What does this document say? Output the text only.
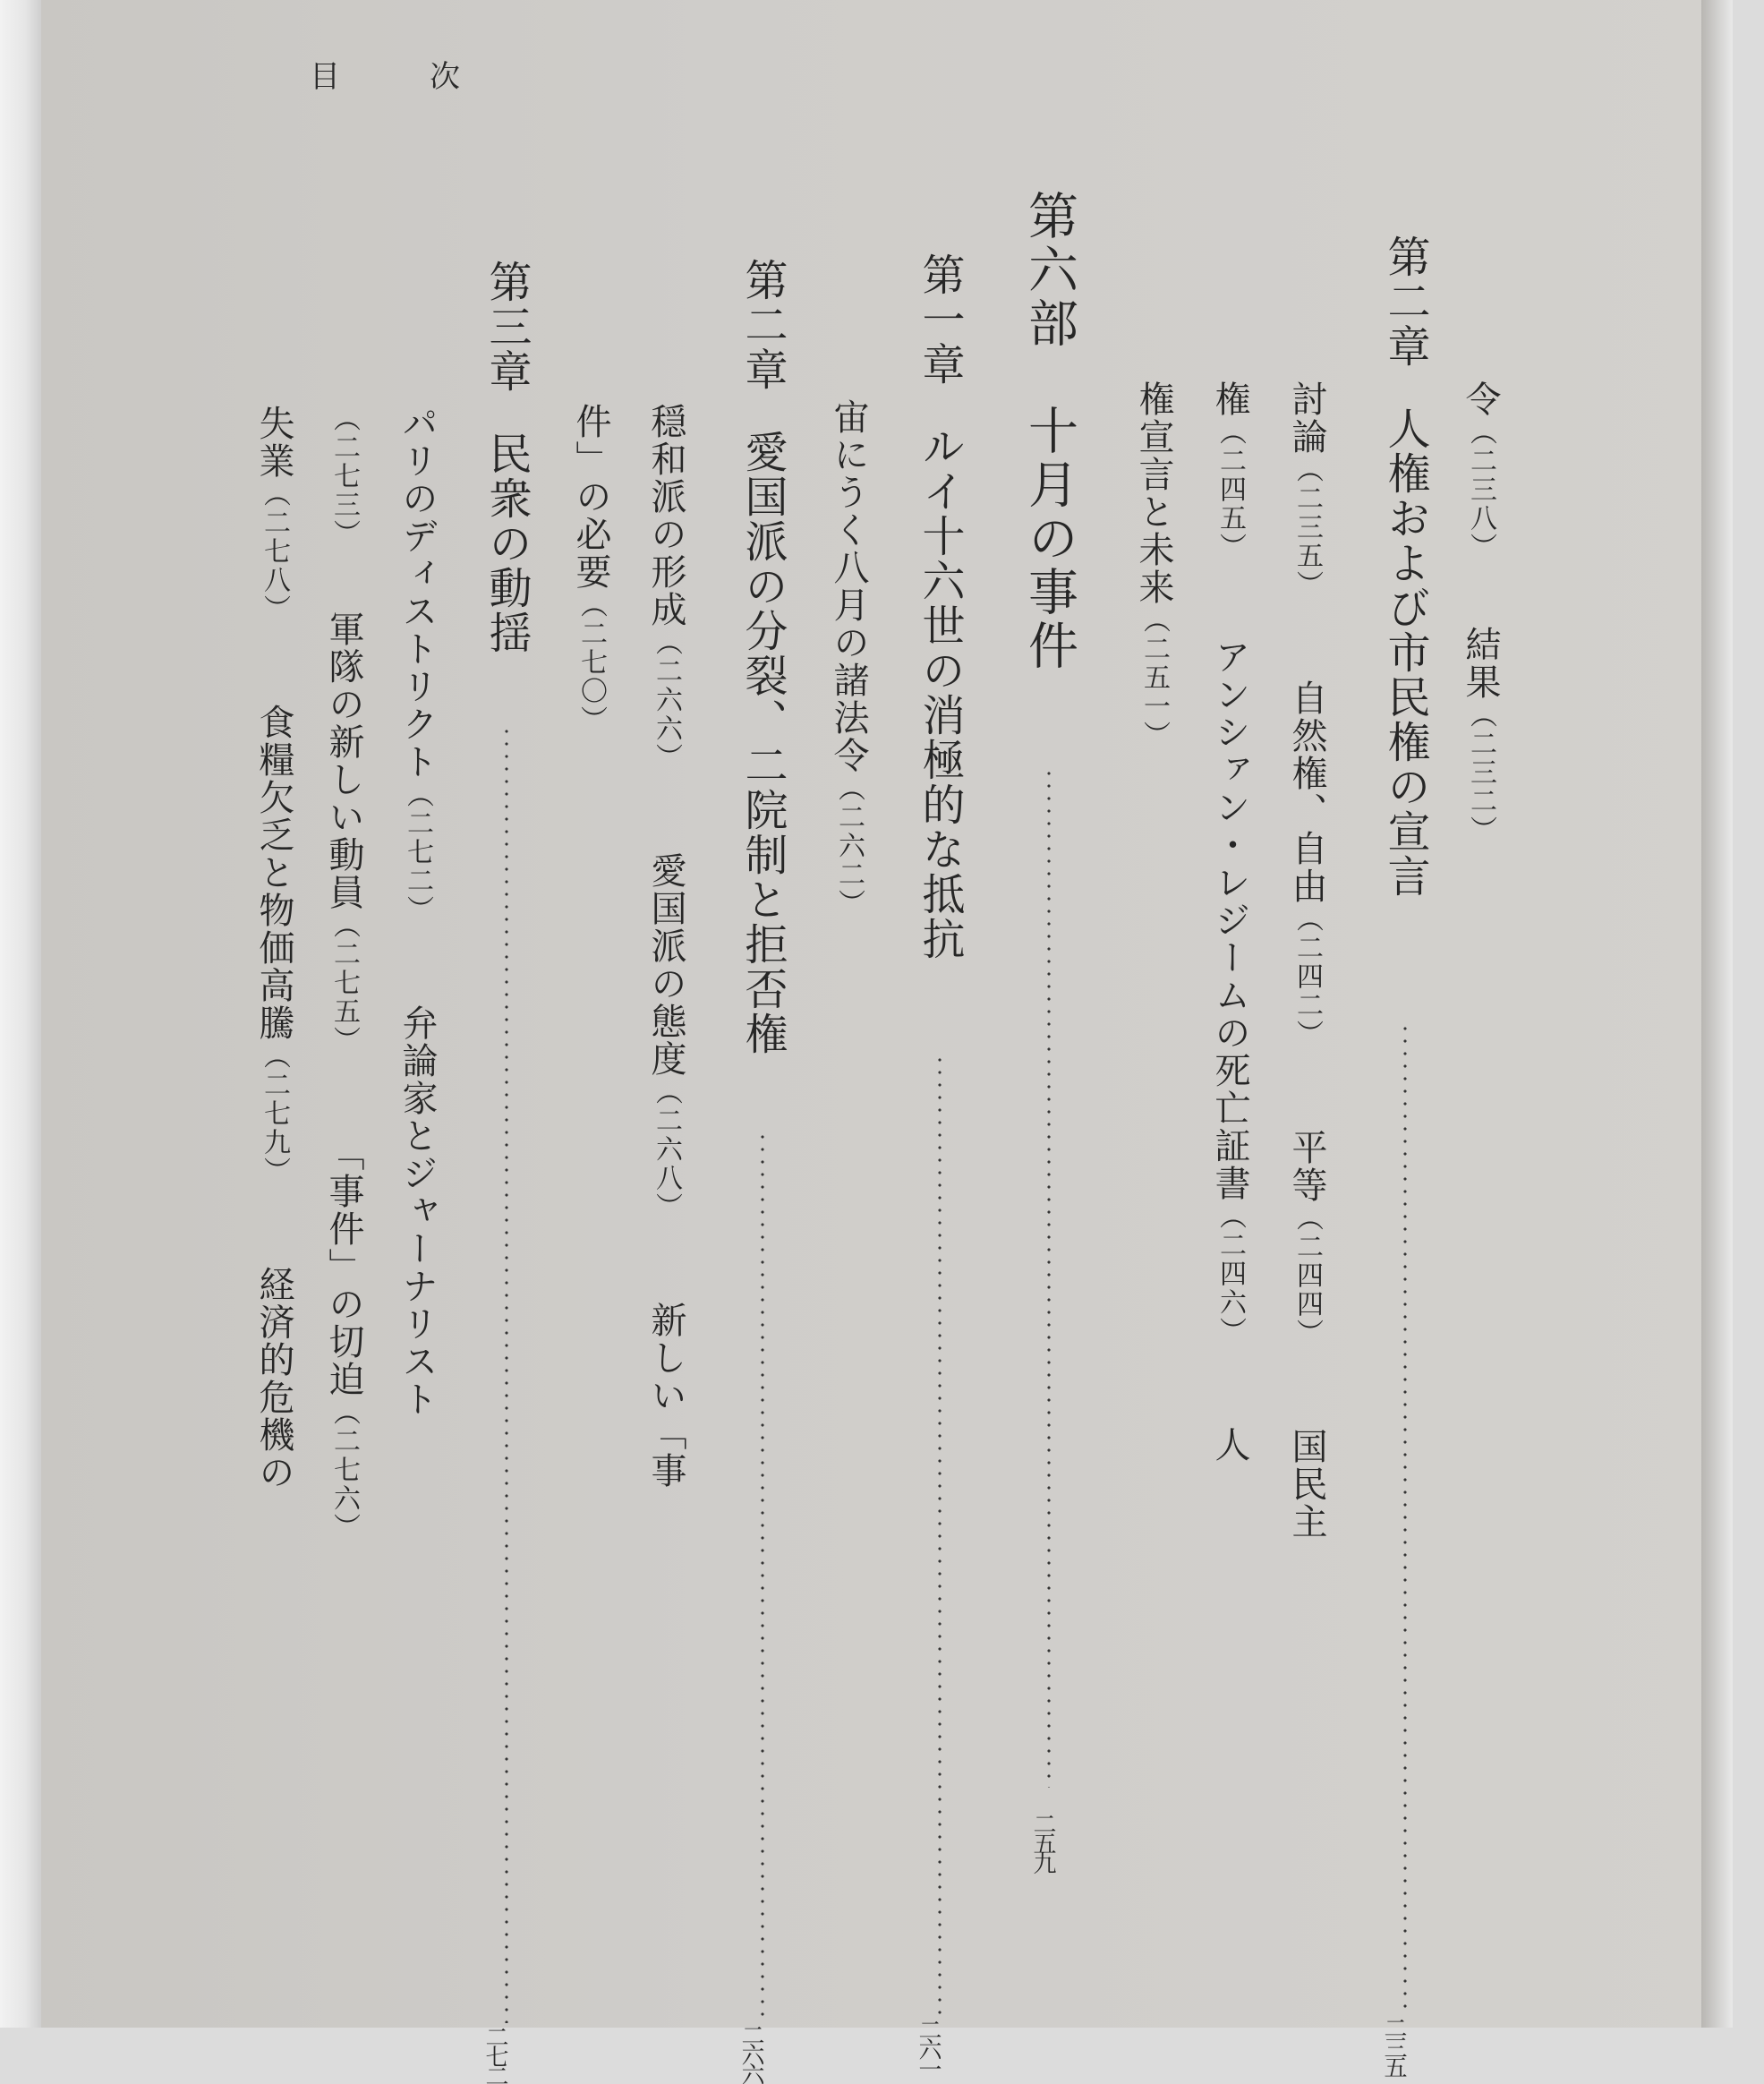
目次
令（二三八）結果（二三二）
第二章人権および市民権の宣言
二三五
討論（二三五）自然権、自由（二四二）平等（二四四）国民主
権（二四五）アンシァン・レジームの死亡証書（二四六）人
権宣言と未来（二五一）
第六部十月の事件
二五九
第一章ルイ十六世の消極的な抵抗
二六一
宙にうく八月の諸法令（二六二）
第二章愛国派の分裂、二院制と拒否権
二六六
穏和派の形成（二六六）愛国派の態度（二六八）新しい「事
件」の必要（二七〇）
第三章民衆の動揺
二七二
パリのディストリクト（二七二）弁論家とジャーナリスト
（二七三）軍隊の新しい動員（二七五）「事件」の切迫（二七六）
失業（二七八）食糧欠乏と物価高騰（二七九）経済的危機の
